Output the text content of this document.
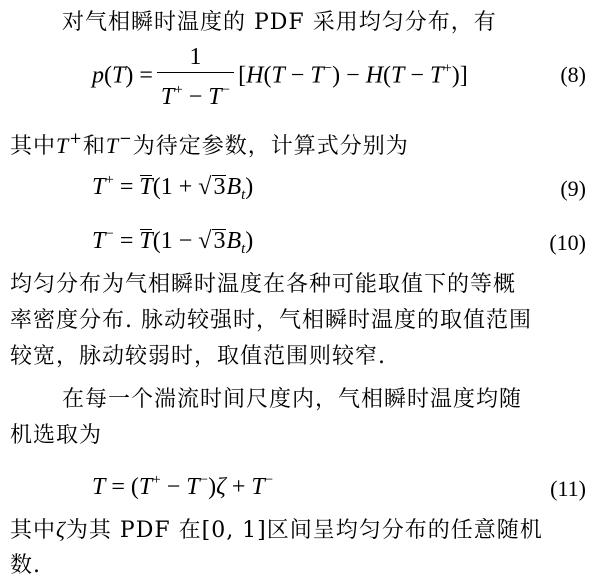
对气相瞬时温度的 PDF 采用均匀分布，有
$p(T) = \frac{1}{T^+ - T^-} [H(T - T^-) - H(T - T^+)]$	(8)
其中T+和T−为待定参数，计算式分别为
$T^+ = T(1 + √3B_t)$	(9)
$T^- = T(1 - √3B_t)$	(10)
均匀分布为气相瞬时温度在各种可能取值下的等概
率密度分布. 脉动较强时，气相瞬时温度的取值范围
较宽，脉动较弱时，取值范围则较窄.
在每一个湍流时间尺度内，气相瞬时温度均随
机选取为
T = (T+ − T−)ζ + T−	(11)
其中ζ为其 PDF 在[0, 1]区间呈均匀分布的任意随机
数.
